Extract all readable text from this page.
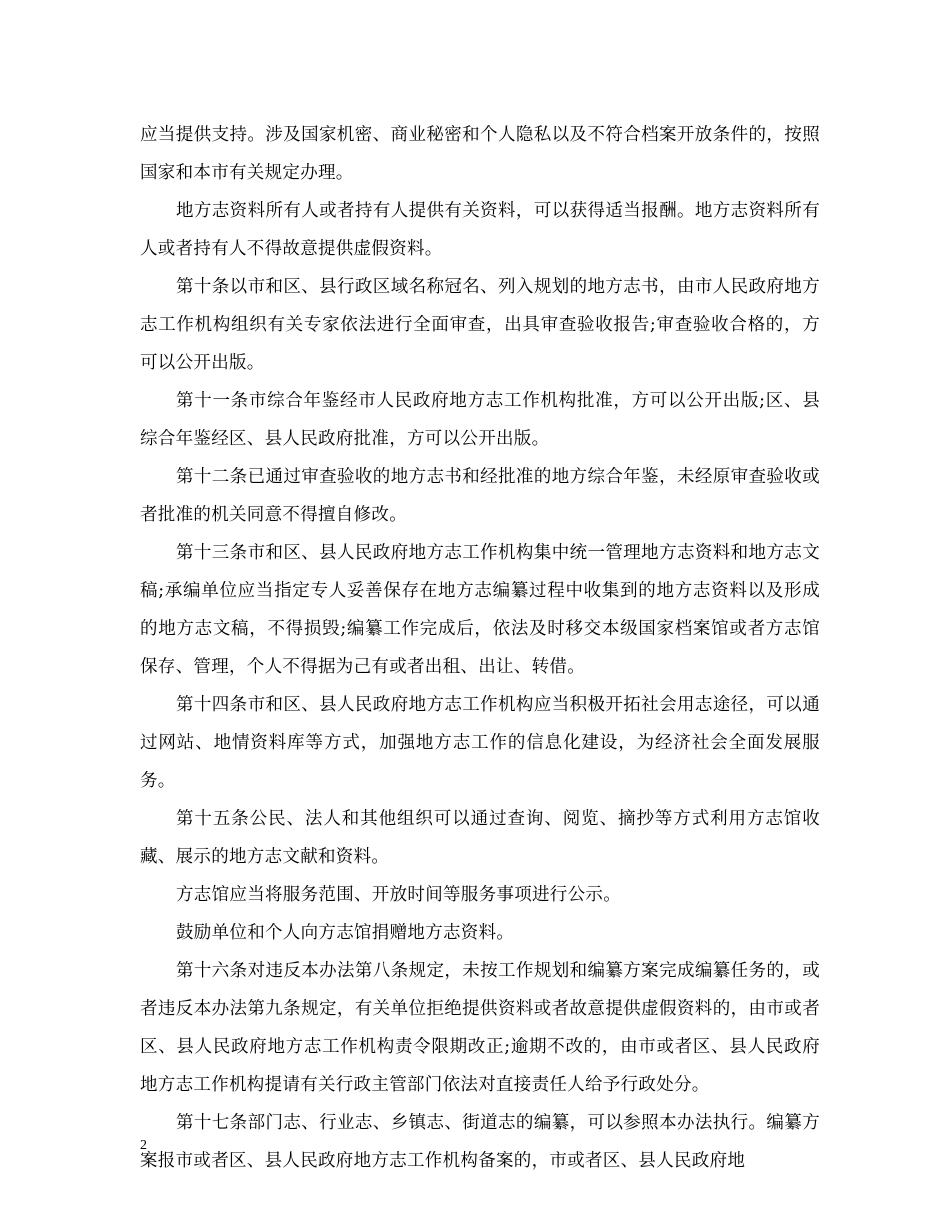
应当提供支持。涉及国家机密、商业秘密和个人隐私以及不符合档案开放条件的，按照国家和本市有关规定办理。

地方志资料所有人或者持有人提供有关资料，可以获得适当报酬。地方志资料所有人或者持有人不得故意提供虚假资料。

第十条以市和区、县行政区域名称冠名、列入规划的地方志书，由市人民政府地方志工作机构组织有关专家依法进行全面审查，出具审查验收报告;审查验收合格的，方可以公开出版。

第十一条市综合年鉴经市人民政府地方志工作机构批准，方可以公开出版;区、县综合年鉴经区、县人民政府批准，方可以公开出版。

第十二条已通过审查验收的地方志书和经批准的地方综合年鉴，未经原审查验收或者批准的机关同意不得擅自修改。

第十三条市和区、县人民政府地方志工作机构集中统一管理地方志资料和地方志文稿;承编单位应当指定专人妥善保存在地方志编纂过程中收集到的地方志资料以及形成的地方志文稿，不得损毁;编纂工作完成后，依法及时移交本级国家档案馆或者方志馆保存、管理，个人不得据为己有或者出租、出让、转借。

第十四条市和区、县人民政府地方志工作机构应当积极开拓社会用志途径，可以通过网站、地情资料库等方式，加强地方志工作的信息化建设，为经济社会全面发展服务。

第十五条公民、法人和其他组织可以通过查询、阅览、摘抄等方式利用方志馆收藏、展示的地方志文献和资料。

方志馆应当将服务范围、开放时间等服务事项进行公示。

鼓励单位和个人向方志馆捐赠地方志资料。

第十六条对违反本办法第八条规定，未按工作规划和编纂方案完成编纂任务的，或者违反本办法第九条规定，有关单位拒绝提供资料或者故意提供虚假资料的，由市或者区、县人民政府地方志工作机构责令限期改正;逾期不改的，由市或者区、县人民政府地方志工作机构提请有关行政主管部门依法对直接责任人给予行政处分。

第十七条部门志、行业志、乡镇志、街道志的编纂，可以参照本办法执行。编纂方案报市或者区、县人民政府地方志工作机构备案的，市或者区、县人民政府地

2
